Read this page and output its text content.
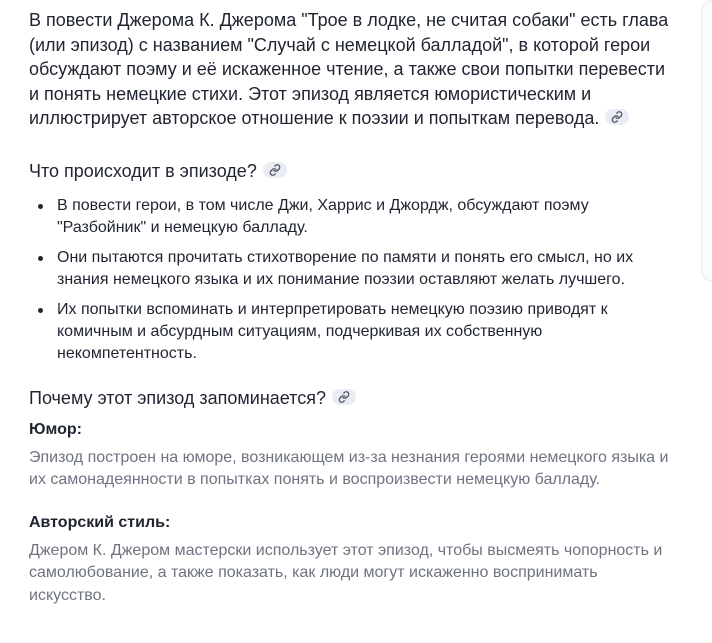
В повести Джерома К. Джерома "Трое в лодке, не считая собаки" есть глава (или эпизод) с названием "Случай с немецкой балладой", в которой герои обсуждают поэму и её искаженное чтение, а также свои попытки перевести и понять немецкие стихи. Этот эпизод является юмористическим и иллюстрирует авторское отношение к поэзии и попыткам перевода.

Что происходит в эпизоде?
В повести герои, в том числе Джи, Харрис и Джордж, обсуждают поэму "Разбойник" и немецкую балладу.
Они пытаются прочитать стихотворение по памяти и понять его смысл, но их знания немецкого языка и их понимание поэзии оставляют желать лучшего.
Их попытки вспоминать и интерпретировать немецкую поэзию приводят к комичным и абсурдным ситуациям, подчеркивая их собственную некомпетентность.
Почему этот эпизод запоминается?

Юмор:

Эпизод построен на юморе, возникающем из-за незнания героями немецкого языка и их самонадеянности в попытках понять и воспроизвести немецкую балладу.

Авторский стиль:

Джером К. Джером мастерски использует этот эпизод, чтобы высмеять чопорность и самолюбование, а также показать, как люди могут искаженно воспринимать искусство.
